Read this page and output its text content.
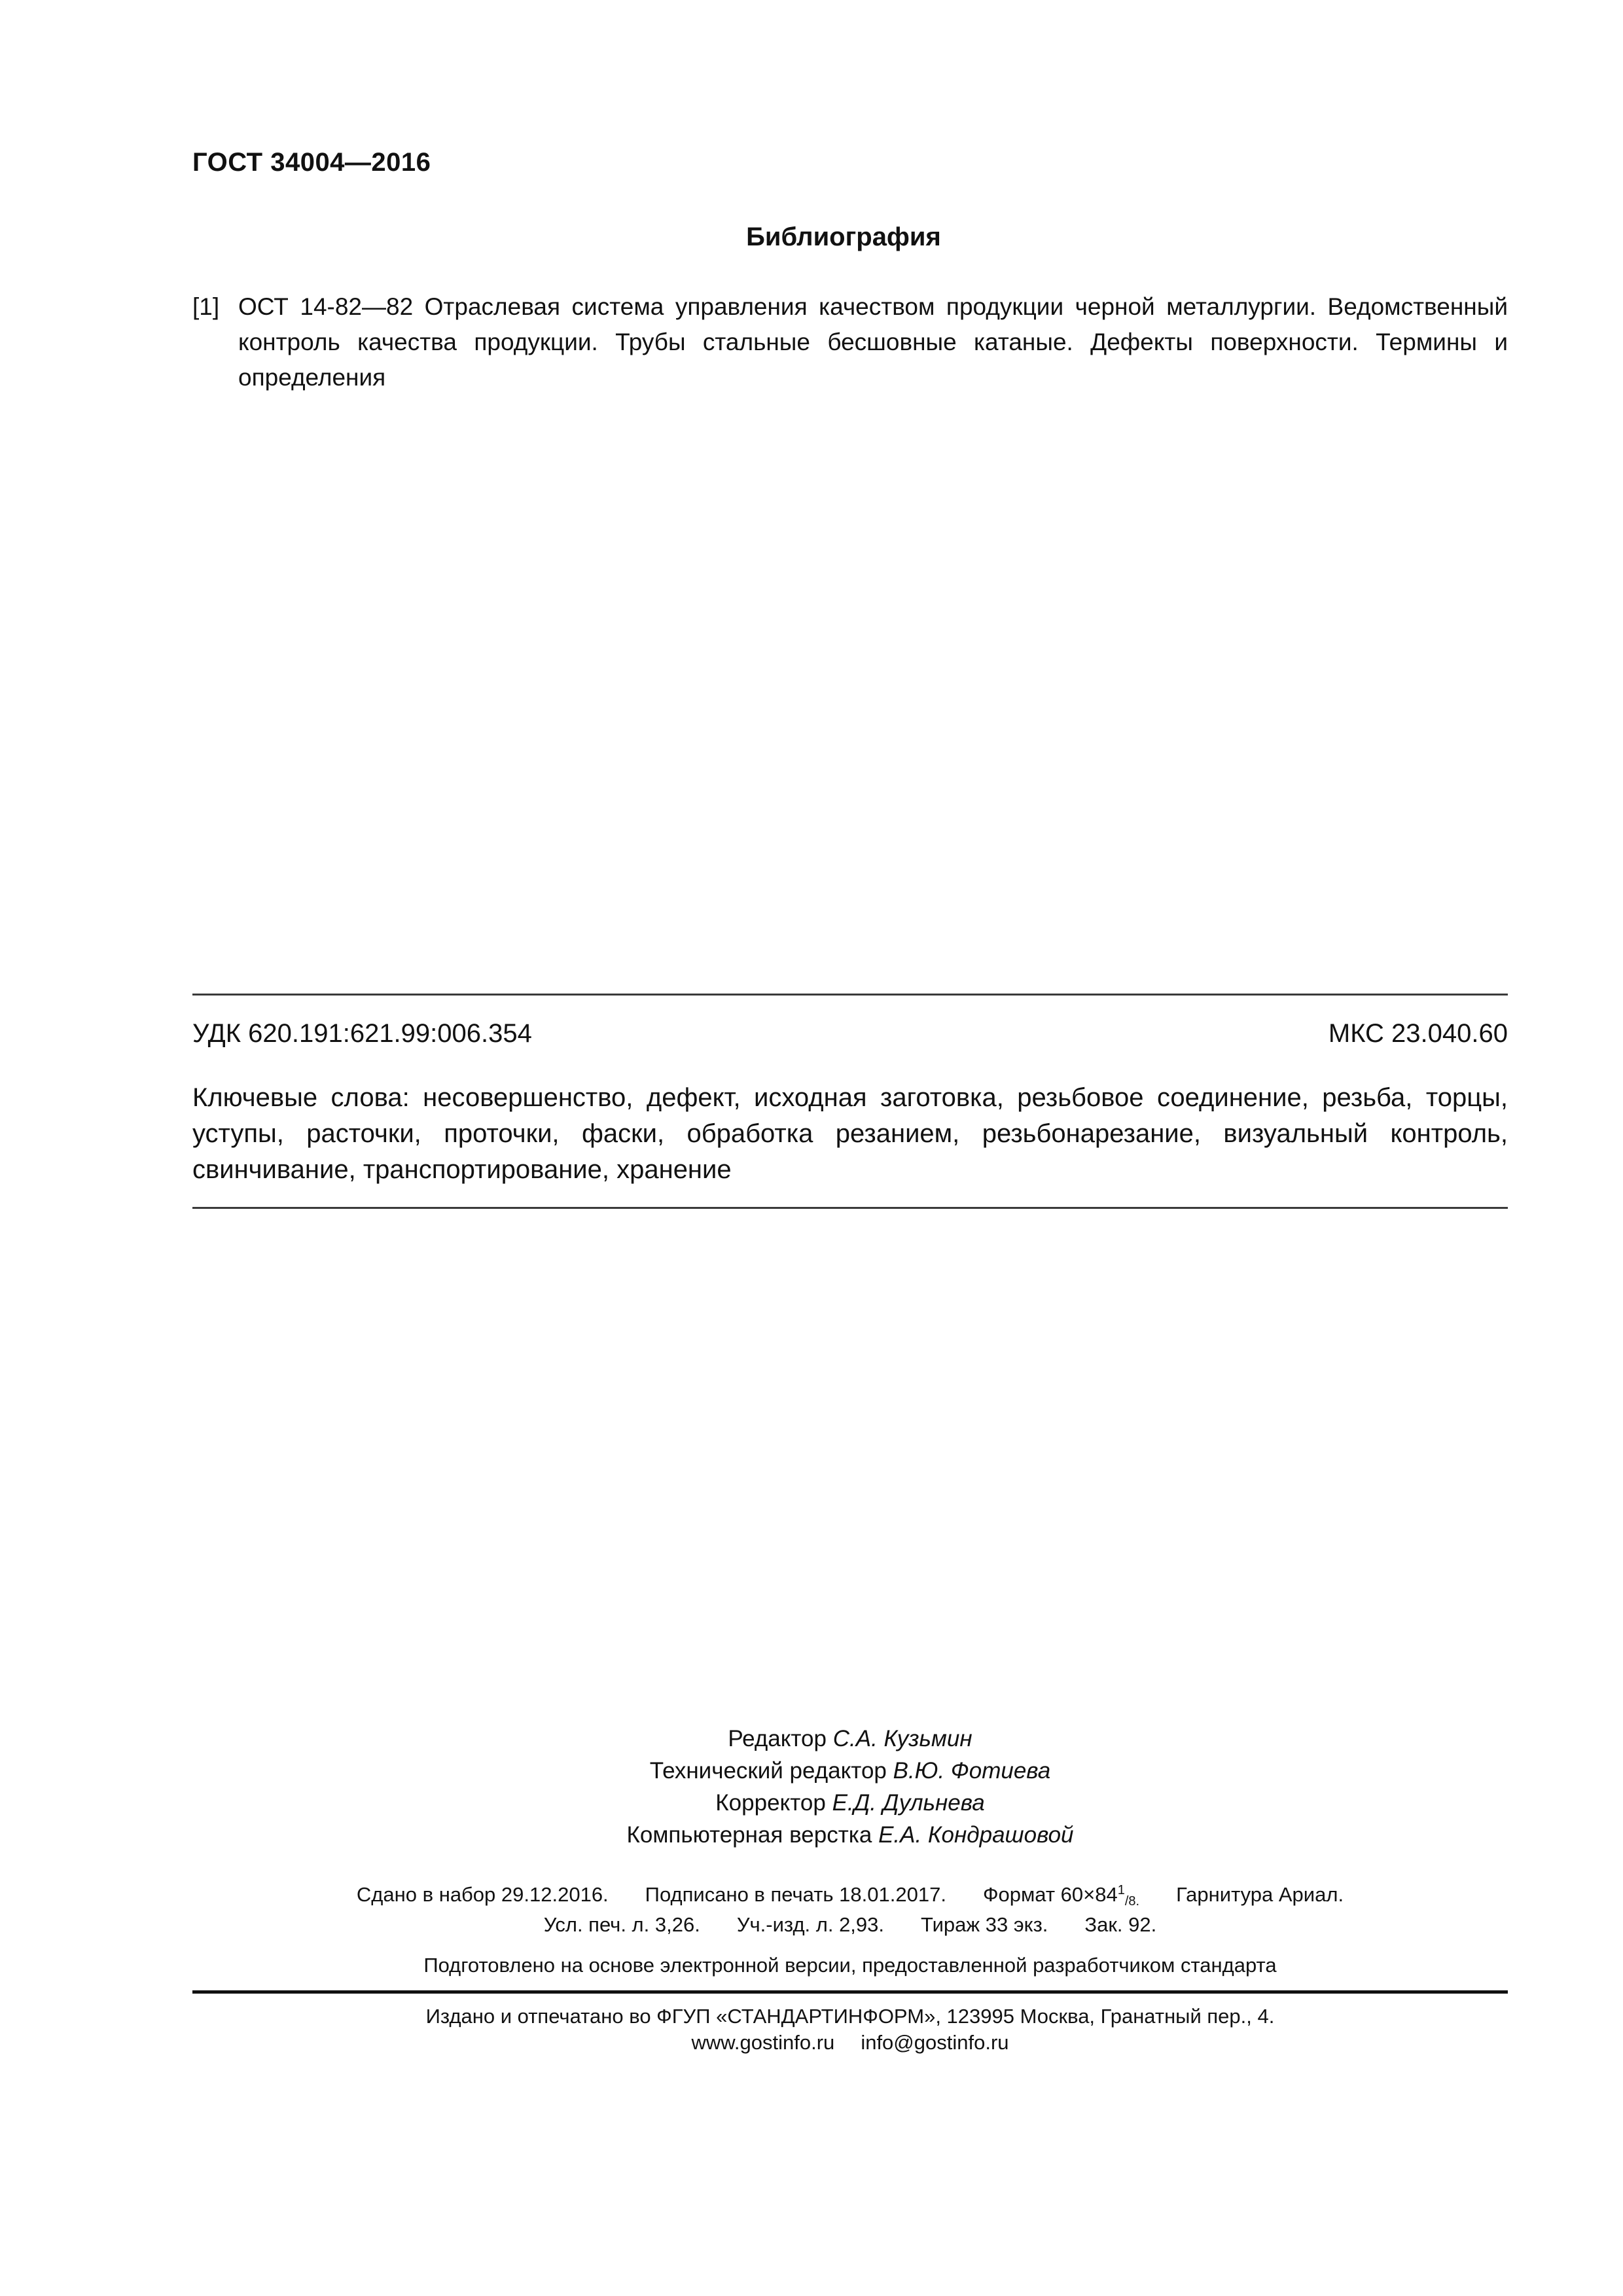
ГОСТ 34004—2016
Библиография
[1] ОСТ 14-82—82 Отраслевая система управления качеством продукции черной металлургии. Ведомственный контроль качества продукции. Трубы стальные бесшовные катаные. Дефекты поверхности. Термины и определения
УДК 620.191:621.99:006.354	МКС 23.040.60
Ключевые слова: несовершенство, дефект, исходная заготовка, резьбовое соединение, резьба, торцы, уступы, расточки, проточки, фаски, обработка резанием, резьбонарезание, визуальный контроль, свинчивание, транспортирование, хранение
Редактор С.А. Кузьмин
Технический редактор В.Ю. Фотиева
Корректор Е.Д. Дульнева
Компьютерная верстка Е.А. Кондрашовой
Сдано в набор 29.12.2016. Подписано в печать 18.01.2017. Формат $60\times 84^1_{/8.}$ Гарнитура Ариал.
Усл. печ. л. 3,26. Уч.-изд. л. 2,93. Тираж 33 экз. Зак. 92.
Подготовлено на основе электронной версии, предоставленной разработчиком стандарта
Издано и отпечатано во ФГУП «СТАНДАРТИНФОРМ», 123995 Москва, Гранатный пер., 4.
www.gostinfo.ru info@gostinfo.ru
